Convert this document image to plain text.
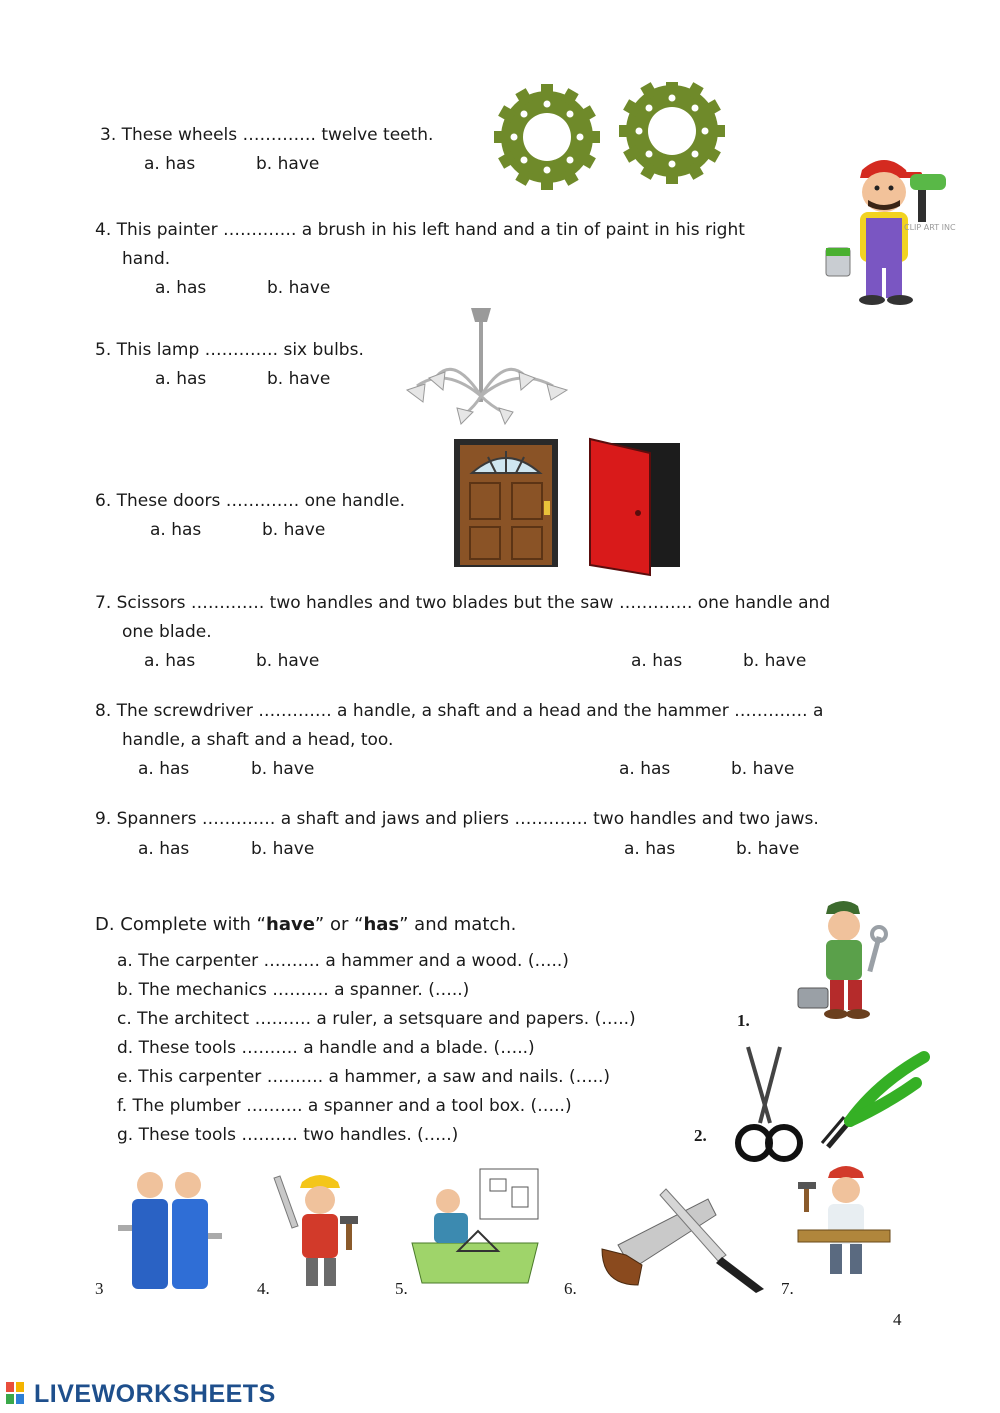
3. These wheels …………. twelve teeth.
a. has	b. have
4. This painter …………. a brush in his left hand and a tin of paint in his right
hand.
a. has	b. have
CLIP ART INC
5. This lamp …………. six bulbs.
a. has	b. have
6. These doors …………. one handle.
a. has	b. have
7. Scissors …………. two handles and two blades but the saw …………. one handle and
one blade.
a. has	b. have	a. has	b. have
8. The screwdriver …………. a handle, a shaft and a head and the hammer …………. a
handle, a shaft and a head, too.
a. has	b. have	a. has	b. have
9. Spanners …………. a shaft and jaws and pliers …………. two handles and two jaws.
a. has	b. have	a. has	b. have
D. Complete with “have” or “has” and match.
a. The carpenter ………. a hammer and a wood. (…..)
b. The mechanics ………. a spanner. (…..)
c. The architect ………. a ruler, a setsquare and papers. (…..)
d. These tools ………. a handle and a blade. (…..)
e. This carpenter ………. a hammer, a saw and nails. (…..)
f. The plumber ………. a spanner and a tool box. (…..)
g. These tools ………. two handles. (…..)
1.
2.
3	4.	5.	6.	7.
4
LIVEWORKSHEETS
